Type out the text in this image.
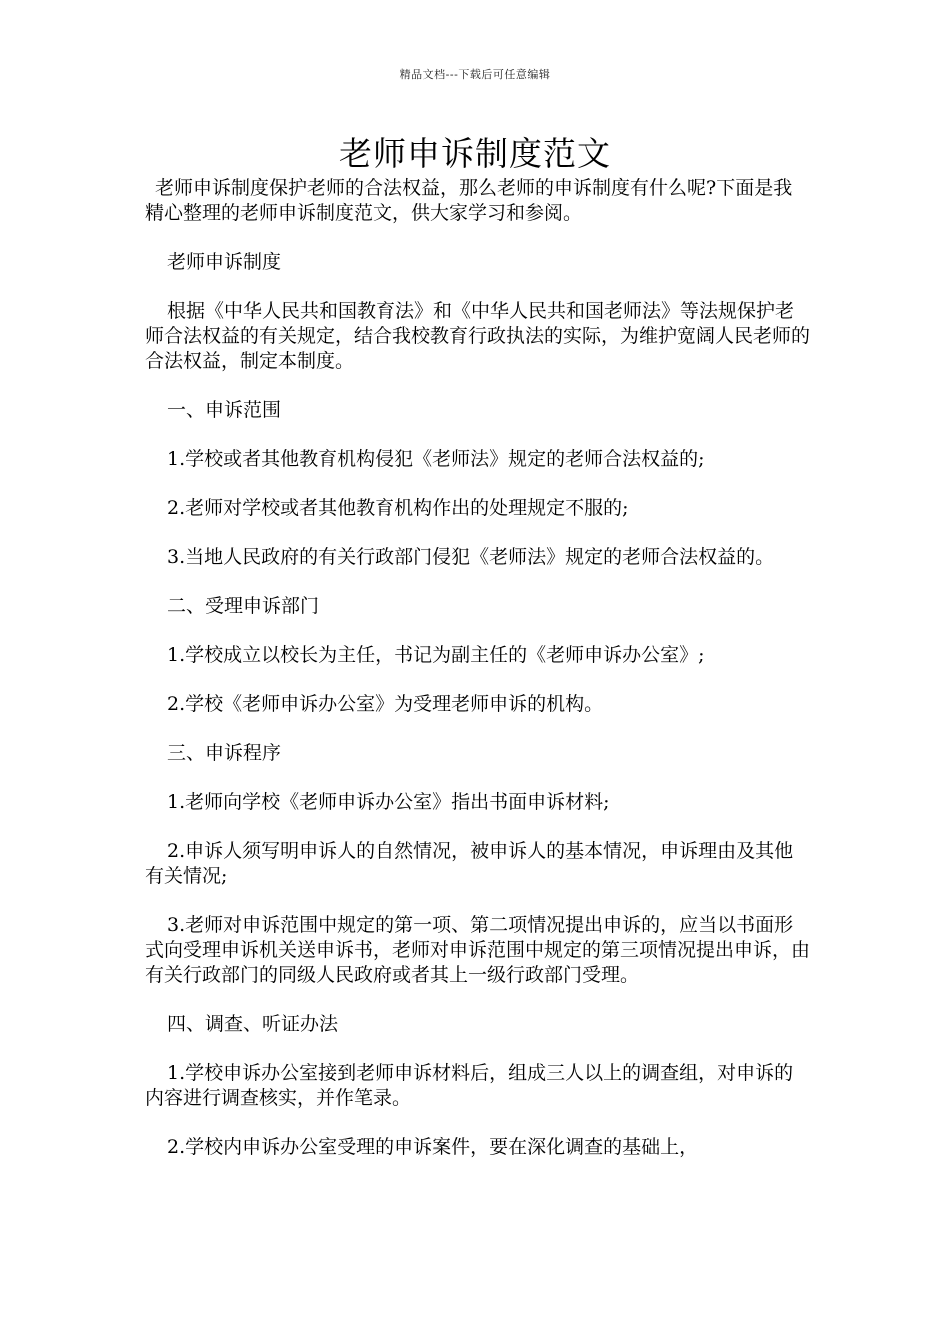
精品文档---下载后可任意编辑
老师申诉制度范文

老师申诉制度保护老师的合法权益，那么老师的申诉制度有什么呢?下面是我精心整理的老师申诉制度范文，供大家学习和参阅。

老师申诉制度

根据《中华人民共和国教育法》和《中华人民共和国老师法》等法规保护老师合法权益的有关规定，结合我校教育行政执法的实际，为维护宽阔人民老师的合法权益，制定本制度。

一、申诉范围

1.学校或者其他教育机构侵犯《老师法》规定的老师合法权益的;

2.老师对学校或者其他教育机构作出的处理规定不服的;

3.当地人民政府的有关行政部门侵犯《老师法》规定的老师合法权益的。

二、受理申诉部门

1.学校成立以校长为主任，书记为副主任的《老师申诉办公室》;

2.学校《老师申诉办公室》为受理老师申诉的机构。

三、申诉程序

1.老师向学校《老师申诉办公室》指出书面申诉材料;

2.申诉人须写明申诉人的自然情况，被申诉人的基本情况，申诉理由及其他有关情况;

3.老师对申诉范围中规定的第一项、第二项情况提出申诉的，应当以书面形式向受理申诉机关送申诉书，老师对申诉范围中规定的第三项情况提出申诉，由有关行政部门的同级人民政府或者其上一级行政部门受理。

四、调查、听证办法

1.学校申诉办公室接到老师申诉材料后，组成三人以上的调查组，对申诉的内容进行调查核实，并作笔录。

2.学校内申诉办公室受理的申诉案件，要在深化调查的基础上，
